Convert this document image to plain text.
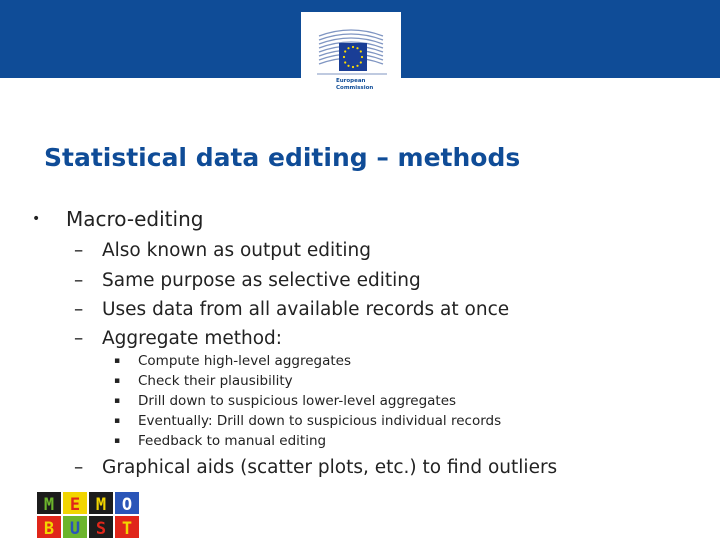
European
Commission
Statistical data editing – methods
• Macro-editing
– Also known as output editing
– Same purpose as selective editing
– Uses data from all available records at once
– Aggregate method:
▪ Compute high-level aggregates
▪ Check their plausibility
▪ Drill down to suspicious lower-level aggregates
▪ Eventually: Drill down to suspicious individual records
▪ Feedback to manual editing
– Graphical aids (scatter plots, etc.) to find outliers
M E M O
B U S T
